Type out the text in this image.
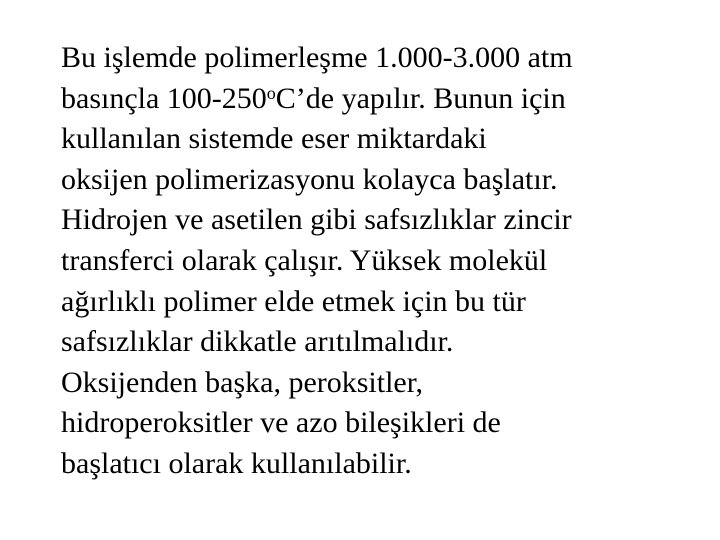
Bu işlemde polimerleşme 1.000-3.000 atm
basınçla 100-250$^o$C’de yapılır. Bunun için
kullanılan sistemde eser miktardaki
oksijen polimerizasyonu kolayca başlatır.
Hidrojen ve asetilen gibi safsızlıklar zincir
transferci olarak çalışır. Yüksek molekül
ağırlıklı polimer elde etmek için bu tür
safsızlıklar dikkatle arıtılmalıdır.
Oksijenden başka, peroksitler,
hidroperoksitler ve azo bileşikleri de
başlatıcı olarak kullanılabilir.
